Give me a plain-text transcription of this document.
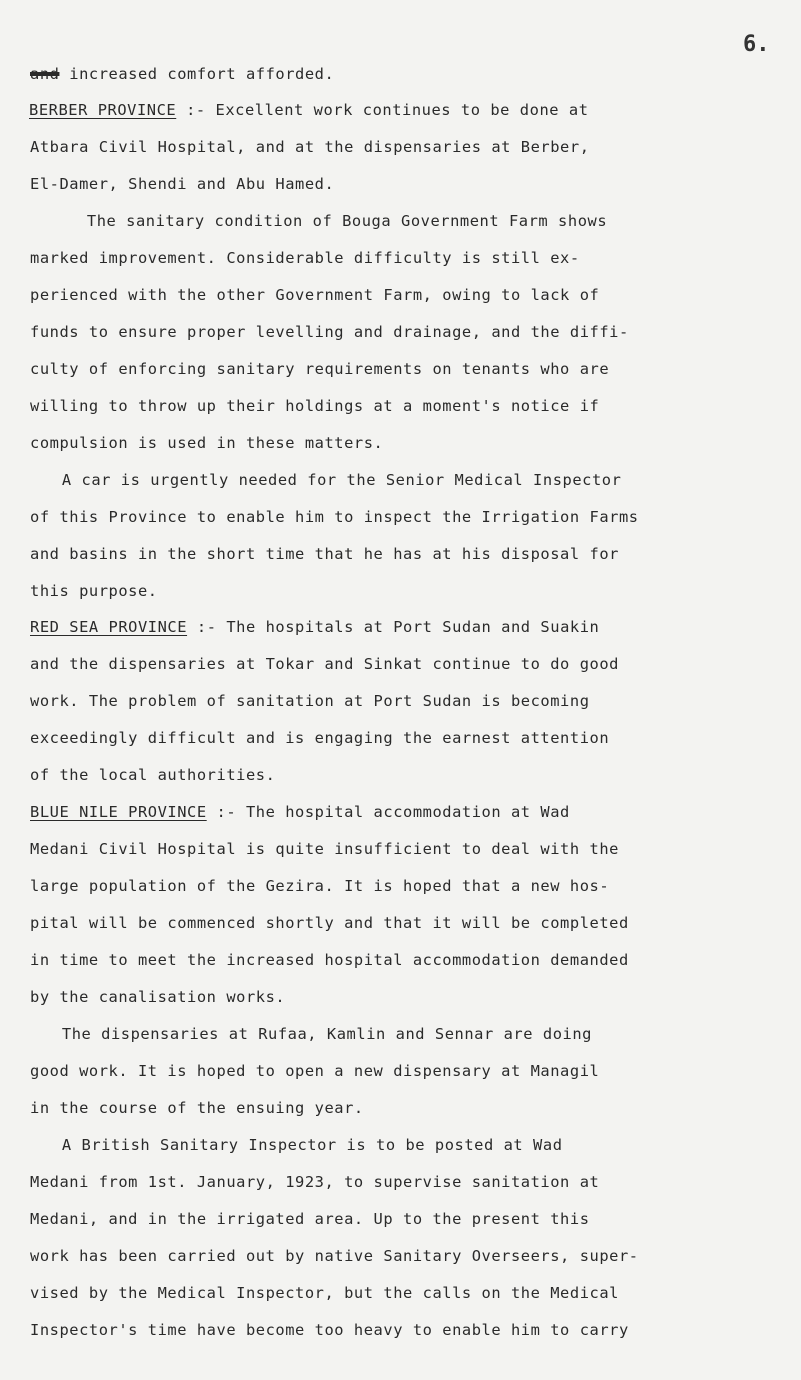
6.
and increased comfort afforded.
BERBER PROVINCE :- Excellent work continues to be done at
Atbara Civil Hospital, and at the dispensaries at Berber,
El-Damer, Shendi and Abu Hamed.
The sanitary condition of Bouga Government Farm shows
marked improvement. Considerable difficulty is still ex-
perienced with the other Government Farm, owing to lack of
funds to ensure proper levelling and drainage, and the diffi-
culty of enforcing sanitary requirements on tenants who are
willing to throw up their holdings at a moment's notice if
compulsion is used in these matters.
A car is urgently needed for the Senior Medical Inspector
of this Province to enable him to inspect the Irrigation Farms
and basins in the short time that he has at his disposal for
this purpose.
RED SEA PROVINCE :- The hospitals at Port Sudan and Suakin
and the dispensaries at Tokar and Sinkat continue to do good
work. The problem of sanitation at Port Sudan is becoming
exceedingly difficult and is engaging the earnest attention
of the local authorities.
BLUE NILE PROVINCE :- The hospital accommodation at Wad
Medani Civil Hospital is quite insufficient to deal with the
large population of the Gezira. It is hoped that a new hos-
pital will be commenced shortly and that it will be completed
in time to meet the increased hospital accommodation demanded
by the canalisation works.
The dispensaries at Rufaa, Kamlin and Sennar are doing
good work. It is hoped to open a new dispensary at Managil
in the course of the ensuing year.
A British Sanitary Inspector is to be posted at Wad
Medani from 1st. January, 1923, to supervise sanitation at
Medani, and in the irrigated area. Up to the present this
work has been carried out by native Sanitary Overseers, super-
vised by the Medical Inspector, but the calls on the Medical
Inspector's time have become too heavy to enable him to carry
